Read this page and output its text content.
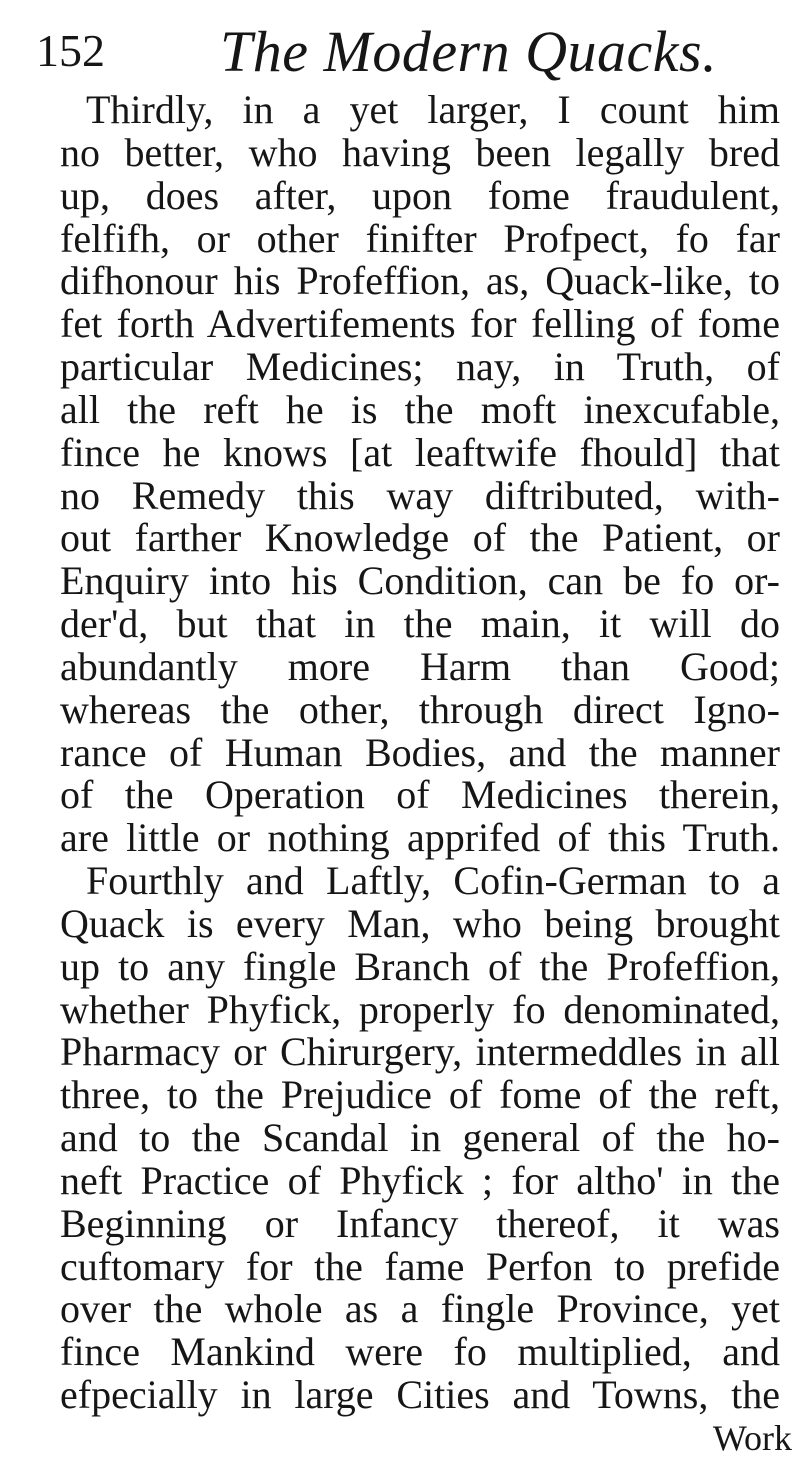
152 The Modern Quacks.
Thirdly, in a yet larger, I count him
no better, who having been legally bred
up, does after, upon fome fraudulent,
felfifh, or other finifter Profpect, fo far
difhonour his Profeffion, as, Quack-like, to
fet forth Advertifements for felling of fome
particular Medicines; nay, in Truth, of
all the reft he is the moft inexcufable,
fince he knows [at leaftwife fhould] that
no Remedy this way diftributed, with-
out farther Knowledge of the Patient, or
Enquiry into his Condition, can be fo or-
der'd, but that in the main, it will do
abundantly more Harm than Good;
whereas the other, through direct Igno-
rance of Human Bodies, and the manner
of the Operation of Medicines therein,
are little or nothing apprifed of this Truth.
Fourthly and Laftly, Cofin-German to a
Quack is every Man, who being brought
up to any fingle Branch of the Profeffion,
whether Phyfick, properly fo denominated,
Pharmacy or Chirurgery, intermeddles in all
three, to the Prejudice of fome of the reft,
and to the Scandal in general of the ho-
neft Practice of Phyfick ; for altho' in the
Beginning or Infancy thereof, it was
cuftomary for the fame Perfon to prefide
over the whole as a fingle Province, yet
fince Mankind were fo multiplied, and
efpecially in large Cities and Towns, the
Work
